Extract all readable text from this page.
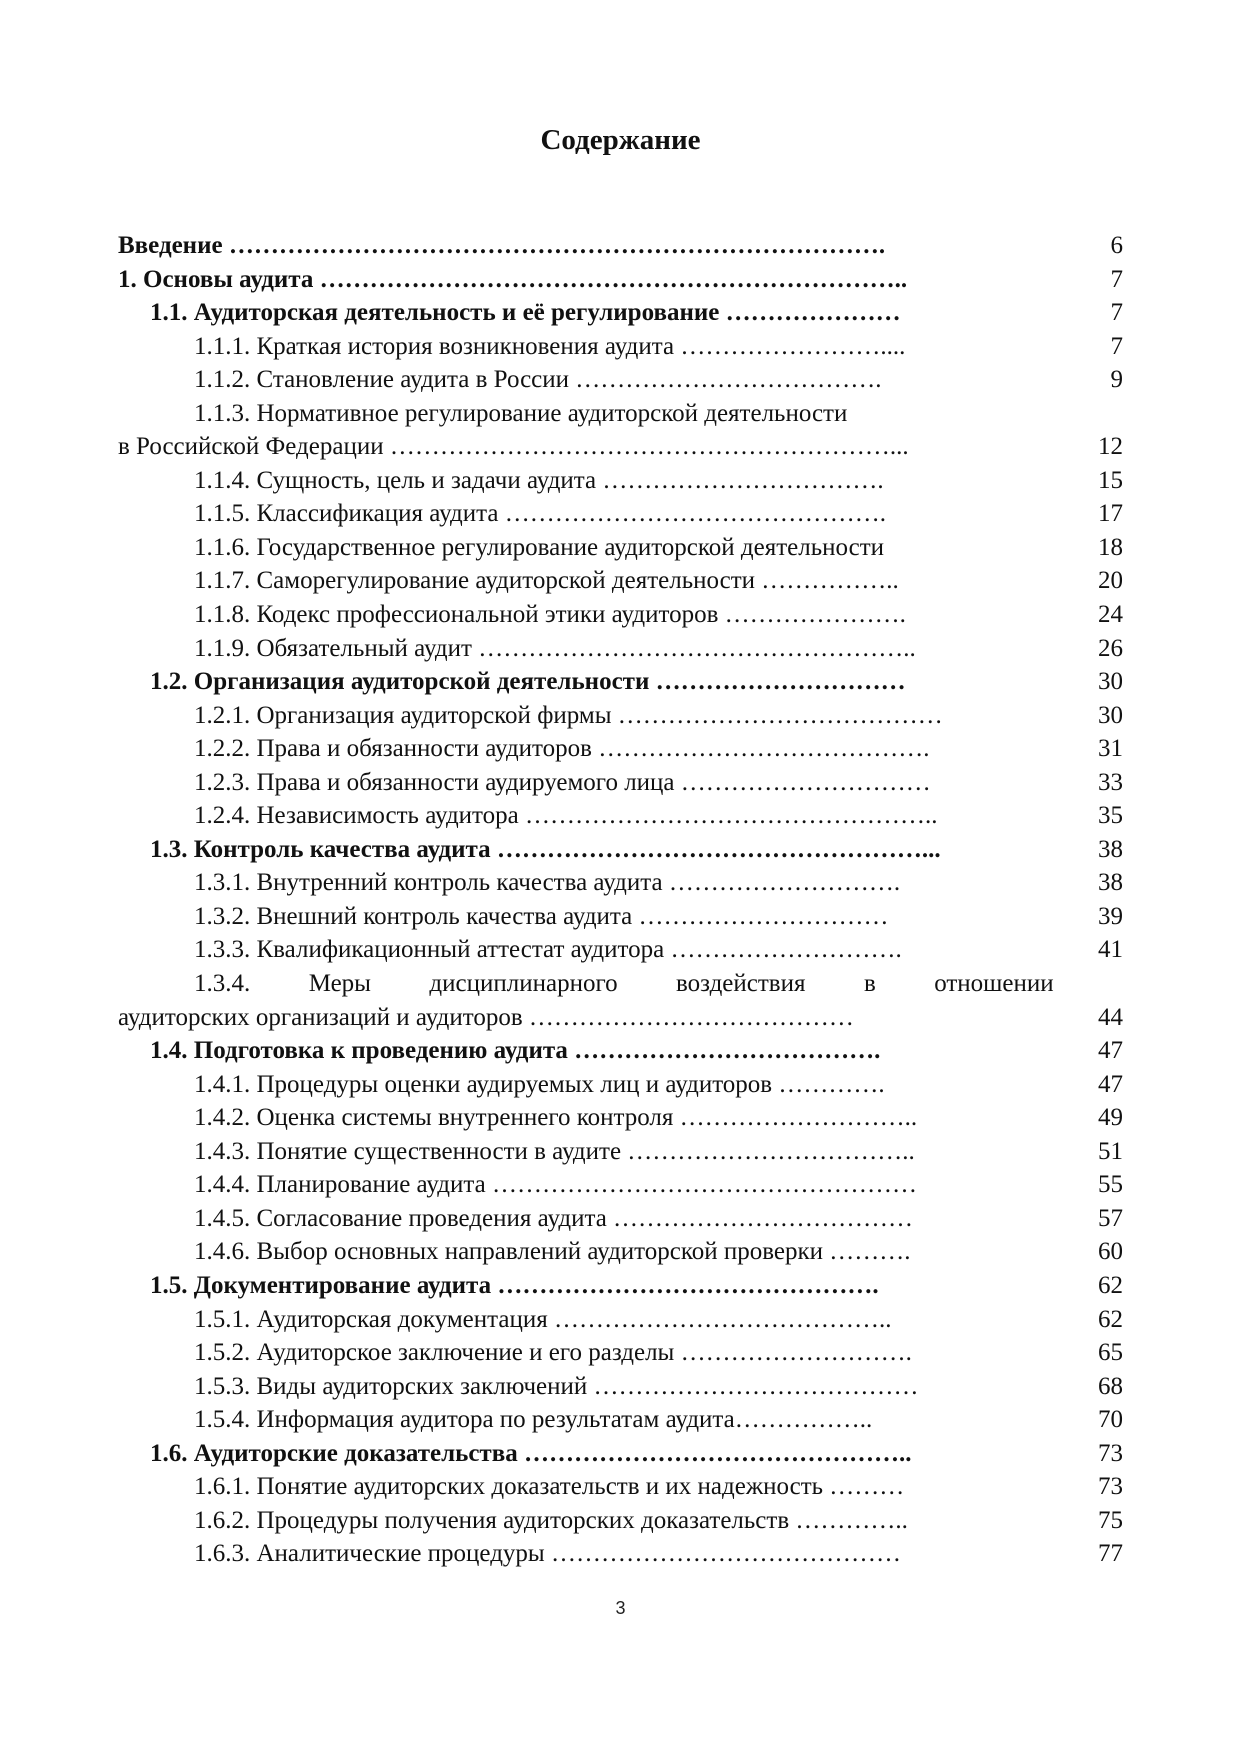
Содержание
Введение …………………………………………………………………….	6
1. Основы аудита ……………………………………………………………..	7
1.1. Аудиторская деятельность и её регулирование …………………	7
1.1.1. Краткая история возникновения аудита ……………………....	7
1.1.2. Становление аудита в России ……………………………….	9
1.1.3. Нормативное регулирование аудиторской деятельности
в Российской Федерации ……………………………………………………...	12
1.1.4. Сущность, цель и задачи аудита …………………………….	15
1.1.5. Классификация аудита ……………………………………….	17
1.1.6. Государственное регулирование аудиторской деятельности	18
1.1.7. Саморегулирование аудиторской деятельности ……………..	20
1.1.8. Кодекс профессиональной этики аудиторов ………………….	24
1.1.9. Обязательный аудит ……………………………………………..	26
1.2. Организация аудиторской деятельности …………………………	30
1.2.1. Организация аудиторской фирмы …………………………………	30
1.2.2. Права и обязанности аудиторов ………………………………….	31
1.2.3. Права и обязанности аудируемого лица …………………………	33
1.2.4. Независимость аудитора …………………………………………..	35
1.3. Контроль качества аудита ……………………………………………...	38
1.3.1. Внутренний контроль качества аудита ……………………….	38
1.3.2. Внешний контроль качества аудита …………………………	39
1.3.3. Квалификационный аттестат аудитора ……………………….	41
1.3.4. Меры дисциплинарного воздействия в отношении
аудиторских организаций и аудиторов …………………………………	44
1.4. Подготовка к проведению аудита ……………………………….	47
1.4.1. Процедуры оценки аудируемых лиц и аудиторов ………….	47
1.4.2. Оценка системы внутреннего контроля ………………………..	49
1.4.3. Понятие существенности в аудите ……………………………..	51
1.4.4. Планирование аудита ……………………………………………	55
1.4.5. Согласование проведения аудита ………………………………	57
1.4.6. Выбор основных направлений аудиторской проверки ……….	60
1.5. Документирование аудита ……………………………………….	62
1.5.1. Аудиторская документация …………………………………..	62
1.5.2. Аудиторское заключение и его разделы ……………………….	65
1.5.3. Виды аудиторских заключений …………………………………	68
1.5.4. Информация аудитора по результатам аудита……………..	70
1.6. Аудиторские доказательства ………………………………………..	73
1.6.1. Понятие аудиторских доказательств и их надежность ………	73
1.6.2. Процедуры получения аудиторских доказательств …………..	75
1.6.3. Аналитические процедуры ……………………………………	77
3
